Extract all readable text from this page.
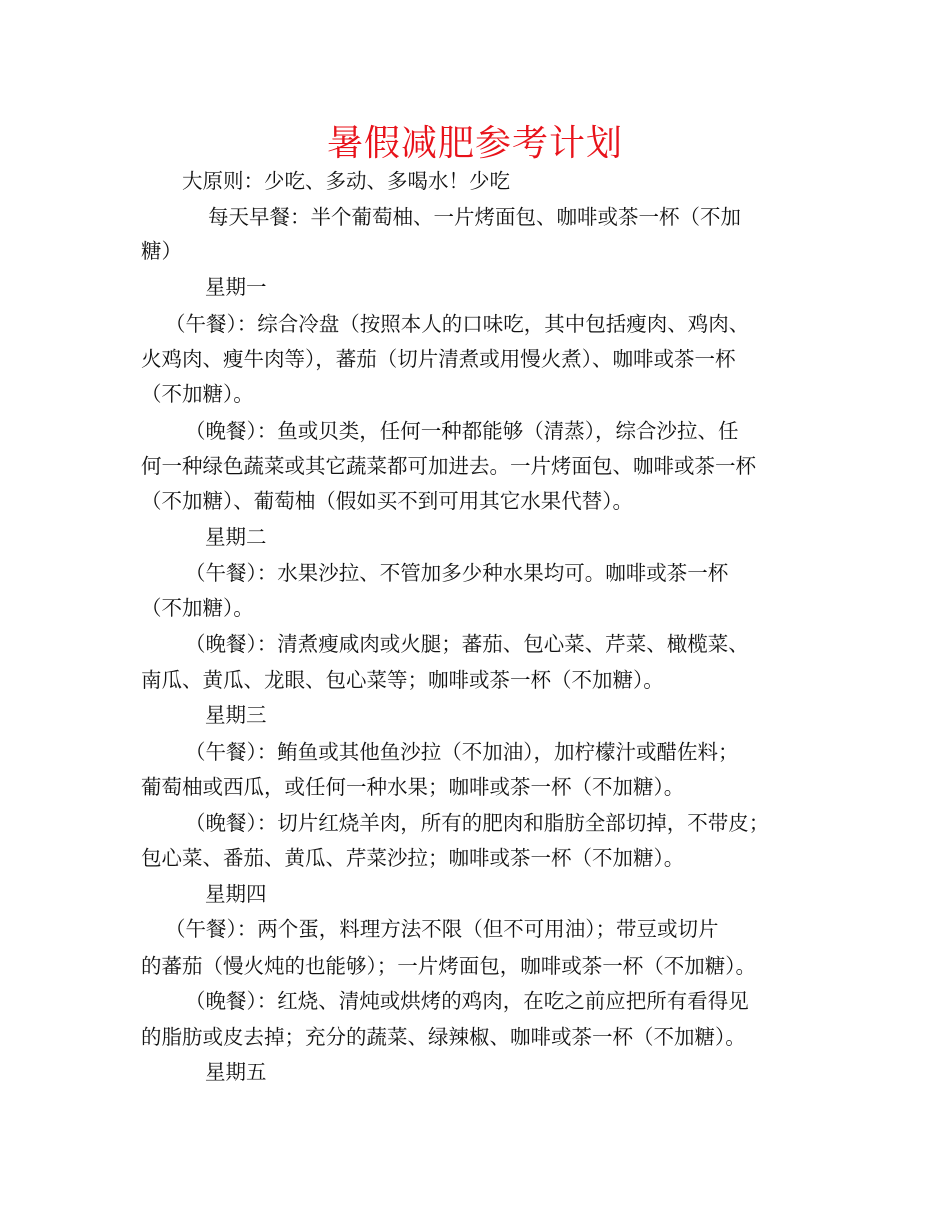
暑假减肥参考计划
大原则：少吃、多动、多喝水！少吃
每天早餐：半个葡萄柚、一片烤面包、咖啡或茶一杯（不加
糖）
星期一
（午餐）：综合冷盘（按照本人的口味吃，其中包括瘦肉、鸡肉、
火鸡肉、瘦牛肉等），蕃茄（切片清煮或用慢火煮）、咖啡或茶一杯
（不加糖）。
（晚餐）：鱼或贝类，任何一种都能够（清蒸），综合沙拉、任
何一种绿色蔬菜或其它蔬菜都可加进去。一片烤面包、咖啡或茶一杯
（不加糖）、葡萄柚（假如买不到可用其它水果代替）。
星期二
（午餐）：水果沙拉、不管加多少种水果均可。咖啡或茶一杯
（不加糖）。
（晚餐）：清煮瘦咸肉或火腿；蕃茄、包心菜、芹菜、橄榄菜、
南瓜、黄瓜、龙眼、包心菜等；咖啡或茶一杯（不加糖）。
星期三
（午餐）：鲔鱼或其他鱼沙拉（不加油），加柠檬汁或醋佐料；
葡萄柚或西瓜，或任何一种水果；咖啡或茶一杯（不加糖）。
（晚餐）：切片红烧羊肉，所有的肥肉和脂肪全部切掉，不带皮；
包心菜、番茄、黄瓜、芹菜沙拉；咖啡或茶一杯（不加糖）。
星期四
（午餐）：两个蛋，料理方法不限（但不可用油）；带豆或切片
的蕃茄（慢火炖的也能够）；一片烤面包，咖啡或茶一杯（不加糖）。
（晚餐）：红烧、清炖或烘烤的鸡肉，在吃之前应把所有看得见
的脂肪或皮去掉；充分的蔬菜、绿辣椒、咖啡或茶一杯（不加糖）。
星期五
